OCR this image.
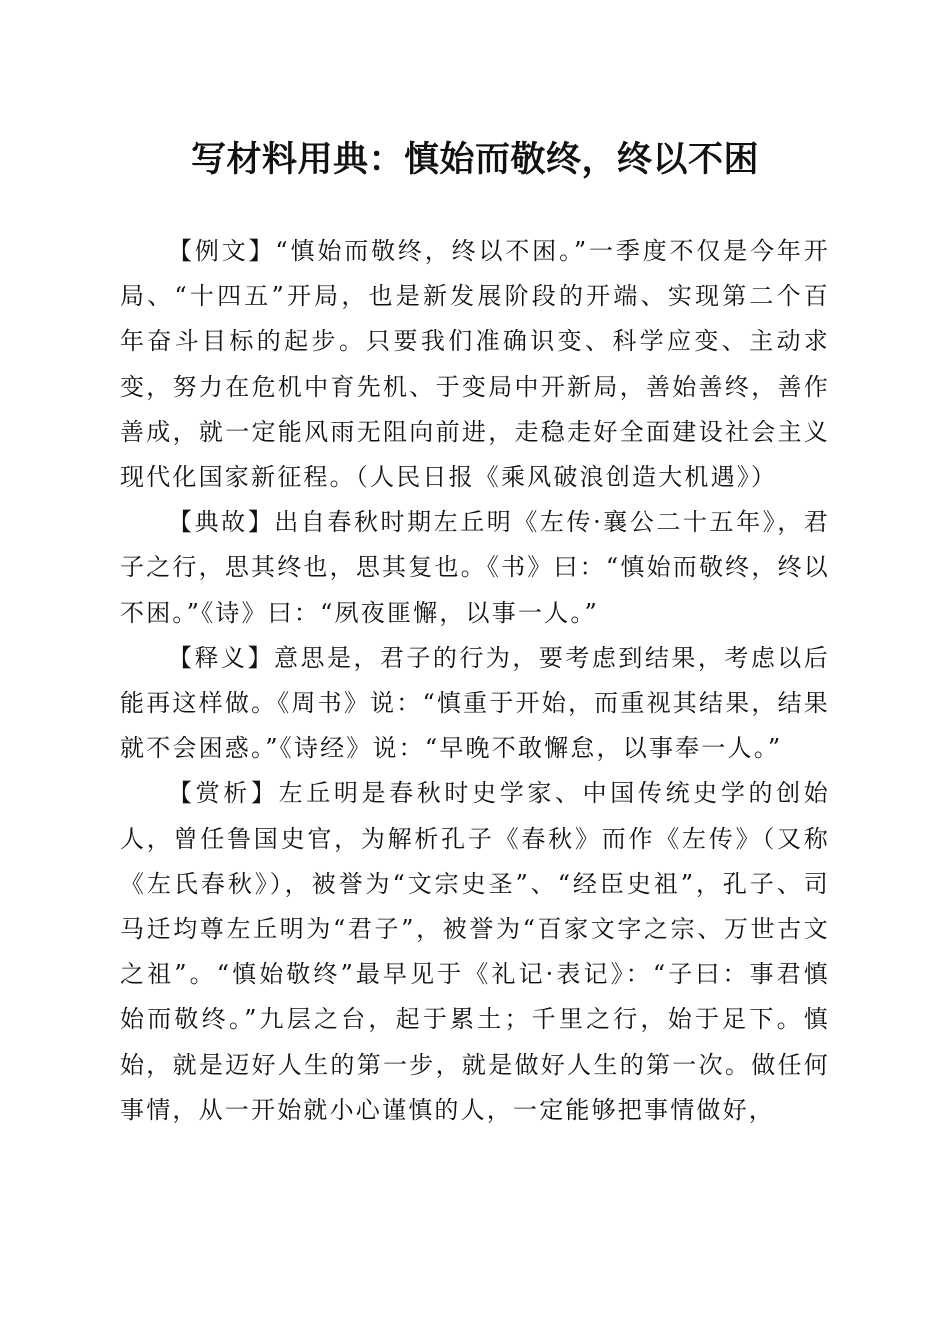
写材料用典：慎始而敬终，终以不困

【例文】“慎始而敬终，终以不困。”一季度不仅是今年开局、“十四五”开局，也是新发展阶段的开端、实现第二个百年奋斗目标的起步。只要我们准确识变、科学应变、主动求变，努力在危机中育先机、于变局中开新局，善始善终，善作善成，就一定能风雨无阻向前进，走稳走好全面建设社会主义现代化国家新征程。（人民日报《乘风破浪创造大机遇》）

【典故】出自春秋时期左丘明《左传·襄公二十五年》，君子之行，思其终也，思其复也。《书》曰：“慎始而敬终，终以不困。”《诗》曰：“夙夜匪懈，以事一人。”

【释义】意思是，君子的行为，要考虑到结果，考虑以后能再这样做。《周书》说：“慎重于开始，而重视其结果，结果就不会困惑。”《诗经》说：“早晚不敢懈怠，以事奉一人。”

【赏析】左丘明是春秋时史学家、中国传统史学的创始人，曾任鲁国史官，为解析孔子《春秋》而作《左传》（又称《左氏春秋》），被誉为“文宗史圣”、“经臣史祖”，孔子、司马迁均尊左丘明为“君子”，被誉为“百家文字之宗、万世古文之祖”。“慎始敬终”最早见于《礼记·表记》：“子曰：事君慎始而敬终。”九层之台，起于累土；千里之行，始于足下。慎始，就是迈好人生的第一步，就是做好人生的第一次。做任何事情，从一开始就小心谨慎的人，一定能够把事情做好，
